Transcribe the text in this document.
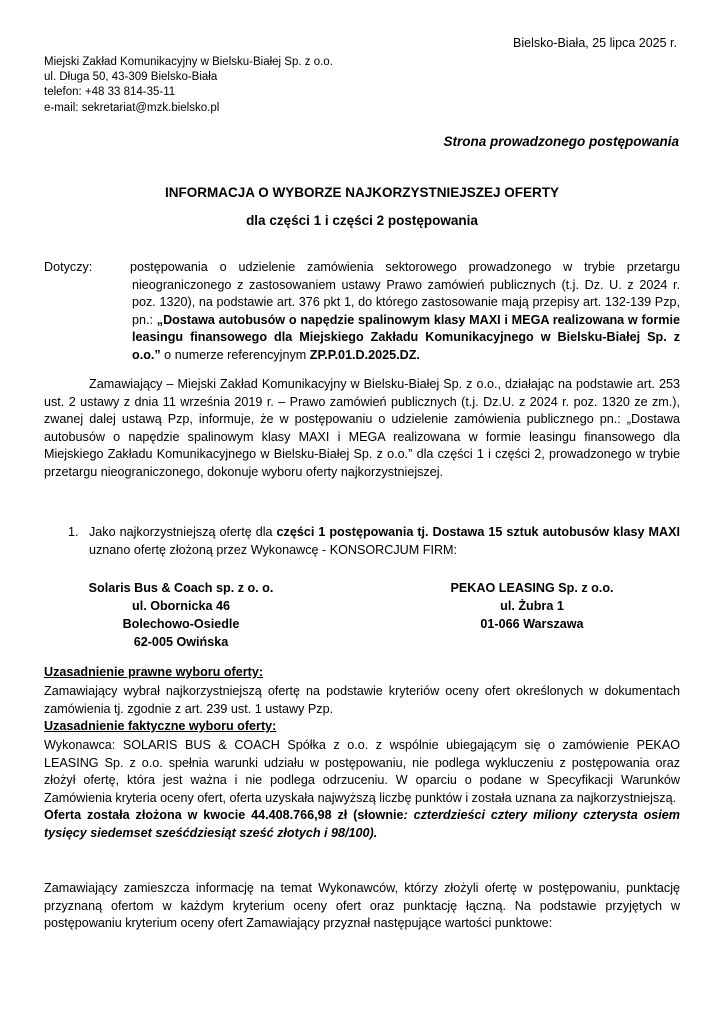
Bielsko-Biała, 25 lipca 2025 r.
Miejski Zakład Komunikacyjny w Bielsku-Białej Sp. z o.o.
ul. Długa 50, 43-309 Bielsko-Biała
telefon: +48 33 814-35-11
e-mail: sekretariat@mzk.bielsko.pl
Strona prowadzonego postępowania
INFORMACJA O WYBORZE NAJKORZYSTNIEJSZEJ OFERTY
dla części 1 i części 2 postępowania
Dotyczy:	postępowania o udzielenie zamówienia sektorowego prowadzonego w trybie przetargu nieograniczonego z zastosowaniem ustawy Prawo zamówień publicznych (t.j. Dz. U. z 2024 r. poz. 1320), na podstawie art. 376 pkt 1, do którego zastosowanie mają przepisy art. 132-139 Pzp, pn.: „Dostawa autobusów o napędzie spalinowym klasy MAXI i MEGA realizowana w formie leasingu finansowego dla Miejskiego Zakładu Komunikacyjnego w Bielsku-Białej Sp. z o.o.” o numerze referencyjnym ZP.P.01.D.2025.DZ.
Zamawiający – Miejski Zakład Komunikacyjny w Bielsku-Białej Sp. z o.o., działając na podstawie art. 253 ust. 2 ustawy z dnia 11 września 2019 r. – Prawo zamówień publicznych (t.j. Dz.U. z 2024 r. poz. 1320 ze zm.), zwanej dalej ustawą Pzp, informuje, że w postępowaniu o udzielenie zamówienia publicznego pn.: „Dostawa autobusów o napędzie spalinowym klasy MAXI i MEGA realizowana w formie leasingu finansowego dla Miejskiego Zakładu Komunikacyjnego w Bielsku-Białej Sp. z o.o.” dla części 1 i części 2, prowadzonego w trybie przetargu nieograniczonego, dokonuje wyboru oferty najkorzystniejszej.
1. Jako najkorzystniejszą ofertę dla części 1 postępowania tj. Dostawa 15 sztuk autobusów klasy MAXI uznano ofertę złożoną przez Wykonawcę - KONSORCJUM FIRM:
Solaris Bus & Coach sp. z o. o.
ul. Obornicka 46
Bolechowo-Osiedle
62-005 Owińska
PEKAO LEASING Sp. z o.o.
ul. Żubra 1
01-066 Warszawa
Uzasadnienie prawne wyboru oferty:
Zamawiający wybrał najkorzystniejszą ofertę na podstawie kryteriów oceny ofert określonych w dokumentach zamówienia tj. zgodnie z art. 239 ust. 1 ustawy Pzp.
Uzasadnienie faktyczne wyboru oferty:
Wykonawca: SOLARIS BUS & COACH Spółka z o.o. z wspólnie ubiegającym się o zamówienie PEKAO LEASING Sp. z o.o. spełnia warunki udziału w postępowaniu, nie podlega wykluczeniu z postępowania oraz złożył ofertę, która jest ważna i nie podlega odrzuceniu. W oparciu o podane w Specyfikacji Warunków Zamówienia kryteria oceny ofert, oferta uzyskała najwyższą liczbę punktów i została uznana za najkorzystniejszą.
Oferta została złożona w kwocie 44.408.766,98 zł (słownie: czterdzieści cztery miliony czterysta osiem tysięcy siedemset sześćdziesiąt sześć złotych i 98/100).
Zamawiający zamieszcza informację na temat Wykonawców, którzy złożyli ofertę w postępowaniu, punktację przyznaną ofertom w każdym kryterium oceny ofert oraz punktację łączną. Na podstawie przyjętych w postępowaniu kryterium oceny ofert Zamawiający przyznał następujące wartości punktowe:
